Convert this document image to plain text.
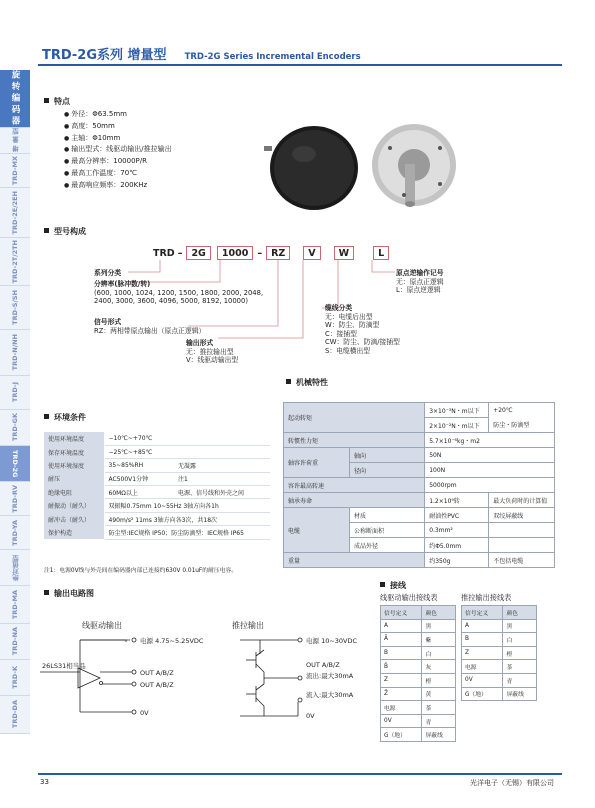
TRD-2G系列 增量型 TRD-2G Series Incremental Encoders
旋转编码器
增 量 型
TRD-MX
TRD-2E/2EH
TRD-2T/2TH
TRD-S/SH
TRD-N/NH
TRD-J
TRD-GK
TRD-2G
TRD-RV
TRD-YA
绝对值型
TRD-MA
TRD-NA
TRD-K
TRD-DA
特点
● 外径：Φ63.5mm
● 高度：50mm
● 主轴：Φ10mm
● 输出型式：线驱动输出/推拉输出
● 最高分辨率：10000P/R
● 最高工作温度：70℃
● 最高响应频率：200KHz
型号构成
TRD – 2G	1000 – RZ	V	W	L
系列分类
分辨率(脉冲数/转)
(600, 1000, 1024, 1200, 1500, 1800, 2000, 2048,
2400, 3000, 3600, 4096, 5000, 8192, 10000)
信号形式
RZ：两相带原点输出（原点正逻辑）
输出形式
无：推拉输出型
V：线驱动输出型
缆线分类
无：电缆后出型
W：防尘、防滴型
C：接插型
CW：防尘、防滴/接插型
S：电缆横出型
原点逆输作记号
无：原点正逻辑
L：原点逆逻辑
机械特性
起动转矩		3×10⁻³N・m以下	+20℃
		2×10⁻²N・m以下	防尘・防滴型
转惯性力矩		5.7×10⁻⁶kg・m2	
轴容许荷重	轴向	50N	
	径向	100N	
容许最高转速		5000rpm	
轴承寿命		1.2×10⁹转	最大负荷时的计算值
电缆	材质	耐油性PVC	双绞屏蔽线
	公称断面积	0.3mm²	
	成品外径	约Φ5.0mm	
重量		约350g	不包括电缆
环境条件
使用环境温度	−10℃~+70℃	
保存环境温度	−25℃~+85℃	
使用环境湿度	35~85%RH	无凝露
耐压	AC500V1分钟	注1
绝缘电阻	60MΩ以上	电源、信号线和外壳之间
耐振动（耐久）	双振幅0.75mm 10~55Hz 3轴方向各1h	
耐冲击（耐久）	490m/s² 11ms 3轴方向各3次，共18次	
保护构造	防尘型:IEC规格 IP50；防尘防滴型：IEC规格 IP65	
注1：电源0V线与外壳间在编码器内部已连接约630V 0.01uF的耐压电容。
输出电路图
线驱动输出	推拉输出
26LS31相当品
电源 4.75~5.25VDC
OUT A/B/Z
OUT A/B/Z
0V
电源 10~30VDC
OUT A/B/Z
流出:最大30mA
流入:最大30mA
0V
接线
线驱动输出接线表	推拉输出接线表
信号定义	颜色
A	黑
Ā	紫
B	白
B̄	灰
Z	橙
Z̄	黄
电源	茶
0V	青
G（地）	屏蔽线
信号定义	颜色
A	黑
B	白
Z	橙
电源	茶
0V	青
G（地）	屏蔽线
33	光洋电子（无锡）有限公司
